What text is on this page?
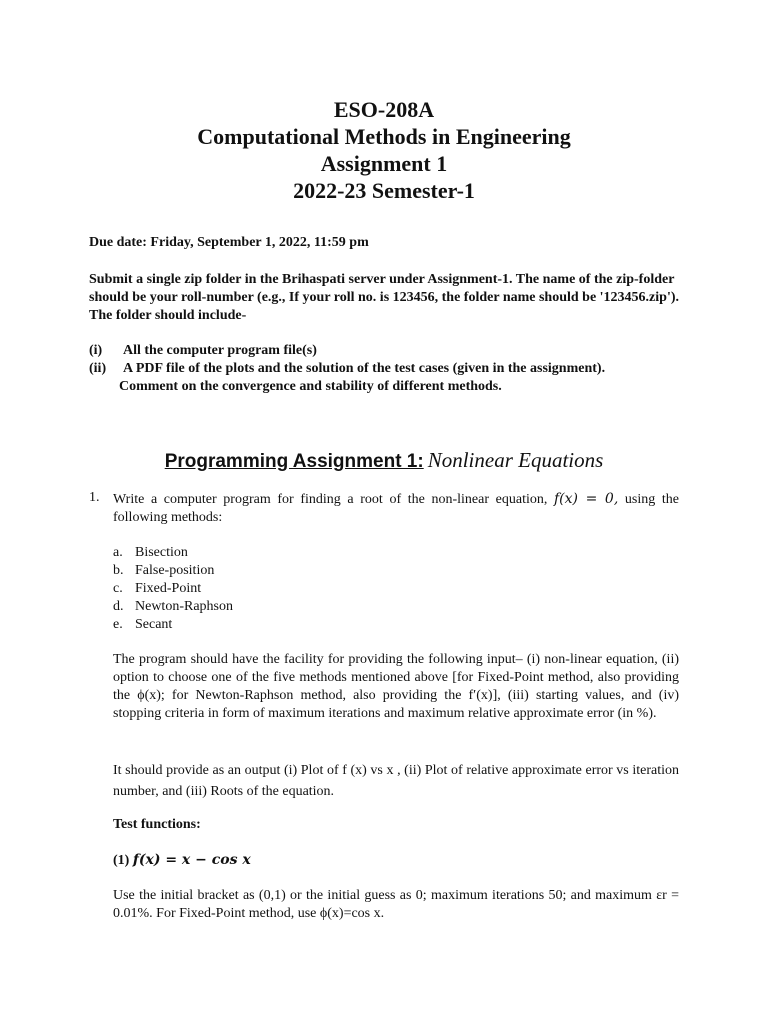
ESO-208A
Computational Methods in Engineering
Assignment 1
2022-23 Semester-1
Due date: Friday, September 1, 2022, 11:59 pm
Submit a single zip folder in the Brihaspati server under Assignment-1. The name of the zip-folder should be your roll-number (e.g., If your roll no. is 123456, the folder name should be '123456.zip'). The folder should include-
(i) All the computer program file(s)
(ii) A PDF file of the plots and the solution of the test cases (given in the assignment).
Comment on the convergence and stability of different methods.
Programming Assignment 1: Nonlinear Equations
1. Write a computer program for finding a root of the non-linear equation, f(x) = 0, using the following methods:
a. Bisection
b. False-position
c. Fixed-Point
d. Newton-Raphson
e. Secant
The program should have the facility for providing the following input– (i) non-linear equation, (ii) option to choose one of the five methods mentioned above [for Fixed-Point method, also providing the ϕ(x); for Newton-Raphson method, also providing the f′(x)], (iii) starting values, and (iv) stopping criteria in form of maximum iterations and maximum relative approximate error (in %).
It should provide as an output (i) Plot of f (x) vs x , (ii) Plot of relative approximate error vs iteration number, and (iii) Roots of the equation.
Test functions:
(1) f(x) = x − cos x
Use the initial bracket as (0,1) or the initial guess as 0; maximum iterations 50; and maximum εr = 0.01%. For Fixed-Point method, use ϕ(x)=cos x.
